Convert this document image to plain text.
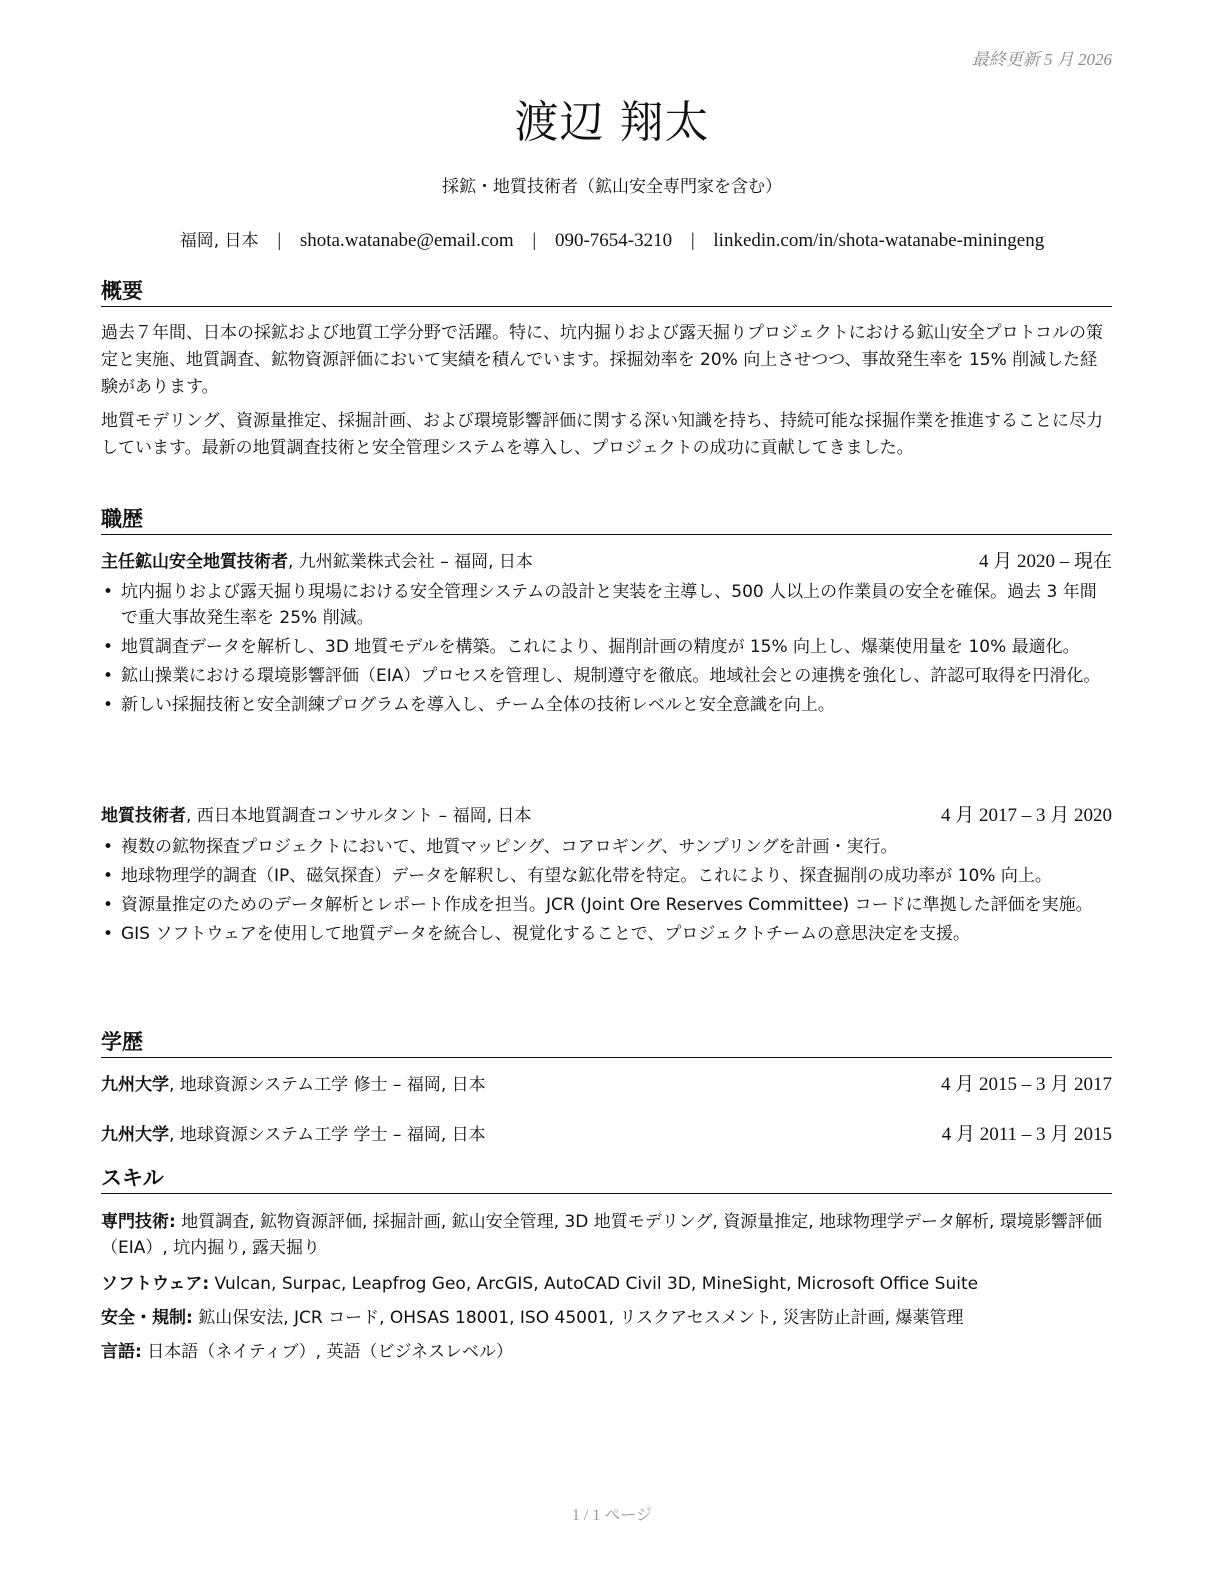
最終更新 5 月 2026
渡辺 翔太
採鉱・地質技術者（鉱山安全専門家を含む）
福岡, 日本 | shota.watanabe@email.com | 090-7654-3210 | linkedin.com/in/shota-watanabe-miningeng
概要
過去７年間、日本の採鉱および地質工学分野で活躍。特に、坑内掘りおよび露天掘りプロジェクトにおける鉱山安全プロトコルの策定と実施、地質調査、鉱物資源評価において実績を積んでいます。採掘効率を 20% 向上させつつ、事故発生率を 15% 削減した経験があります。
地質モデリング、資源量推定、採掘計画、および環境影響評価に関する深い知識を持ち、持続可能な採掘作業を推進することに尽力しています。最新の地質調査技術と安全管理システムを導入し、プロジェクトの成功に貢献してきました。
職歴
主任鉱山安全地質技術者, 九州鉱業株式会社 – 福岡, 日本	4 月 2020 – 現在
• 坑内掘りおよび露天掘り現場における安全管理システムの設計と実装を主導し、500 人以上の作業員の安全を確保。過去 3 年間で重大事故発生率を 25% 削減。
• 地質調査データを解析し、3D 地質モデルを構築。これにより、掘削計画の精度が 15% 向上し、爆薬使用量を 10% 最適化。
• 鉱山操業における環境影響評価（EIA）プロセスを管理し、規制遵守を徹底。地域社会との連携を強化し、許認可取得を円滑化。
• 新しい採掘技術と安全訓練プログラムを導入し、チーム全体の技術レベルと安全意識を向上。
地質技術者, 西日本地質調査コンサルタント – 福岡, 日本	4 月 2017 – 3 月 2020
• 複数の鉱物探査プロジェクトにおいて、地質マッピング、コアロギング、サンプリングを計画・実行。
• 地球物理学的調査（IP、磁気探査）データを解釈し、有望な鉱化帯を特定。これにより、探査掘削の成功率が 10% 向上。
• 資源量推定のためのデータ解析とレポート作成を担当。JCR (Joint Ore Reserves Committee) コードに準拠した評価を実施。
• GIS ソフトウェアを使用して地質データを統合し、視覚化することで、プロジェクトチームの意思決定を支援。
学歴
九州大学, 地球資源システム工学 修士 – 福岡, 日本	4 月 2015 – 3 月 2017
九州大学, 地球資源システム工学 学士 – 福岡, 日本	4 月 2011 – 3 月 2015
スキル
専門技術: 地質調査, 鉱物資源評価, 採掘計画, 鉱山安全管理, 3D 地質モデリング, 資源量推定, 地球物理学データ解析, 環境影響評価（EIA）, 坑内掘り, 露天掘り
ソフトウェア: Vulcan, Surpac, Leapfrog Geo, ArcGIS, AutoCAD Civil 3D, MineSight, Microsoft Office Suite
安全・規制: 鉱山保安法, JCR コード, OHSAS 18001, ISO 45001, リスクアセスメント, 災害防止計画, 爆薬管理
言語: 日本語（ネイティブ）, 英語（ビジネスレベル）
1 / 1 ページ
